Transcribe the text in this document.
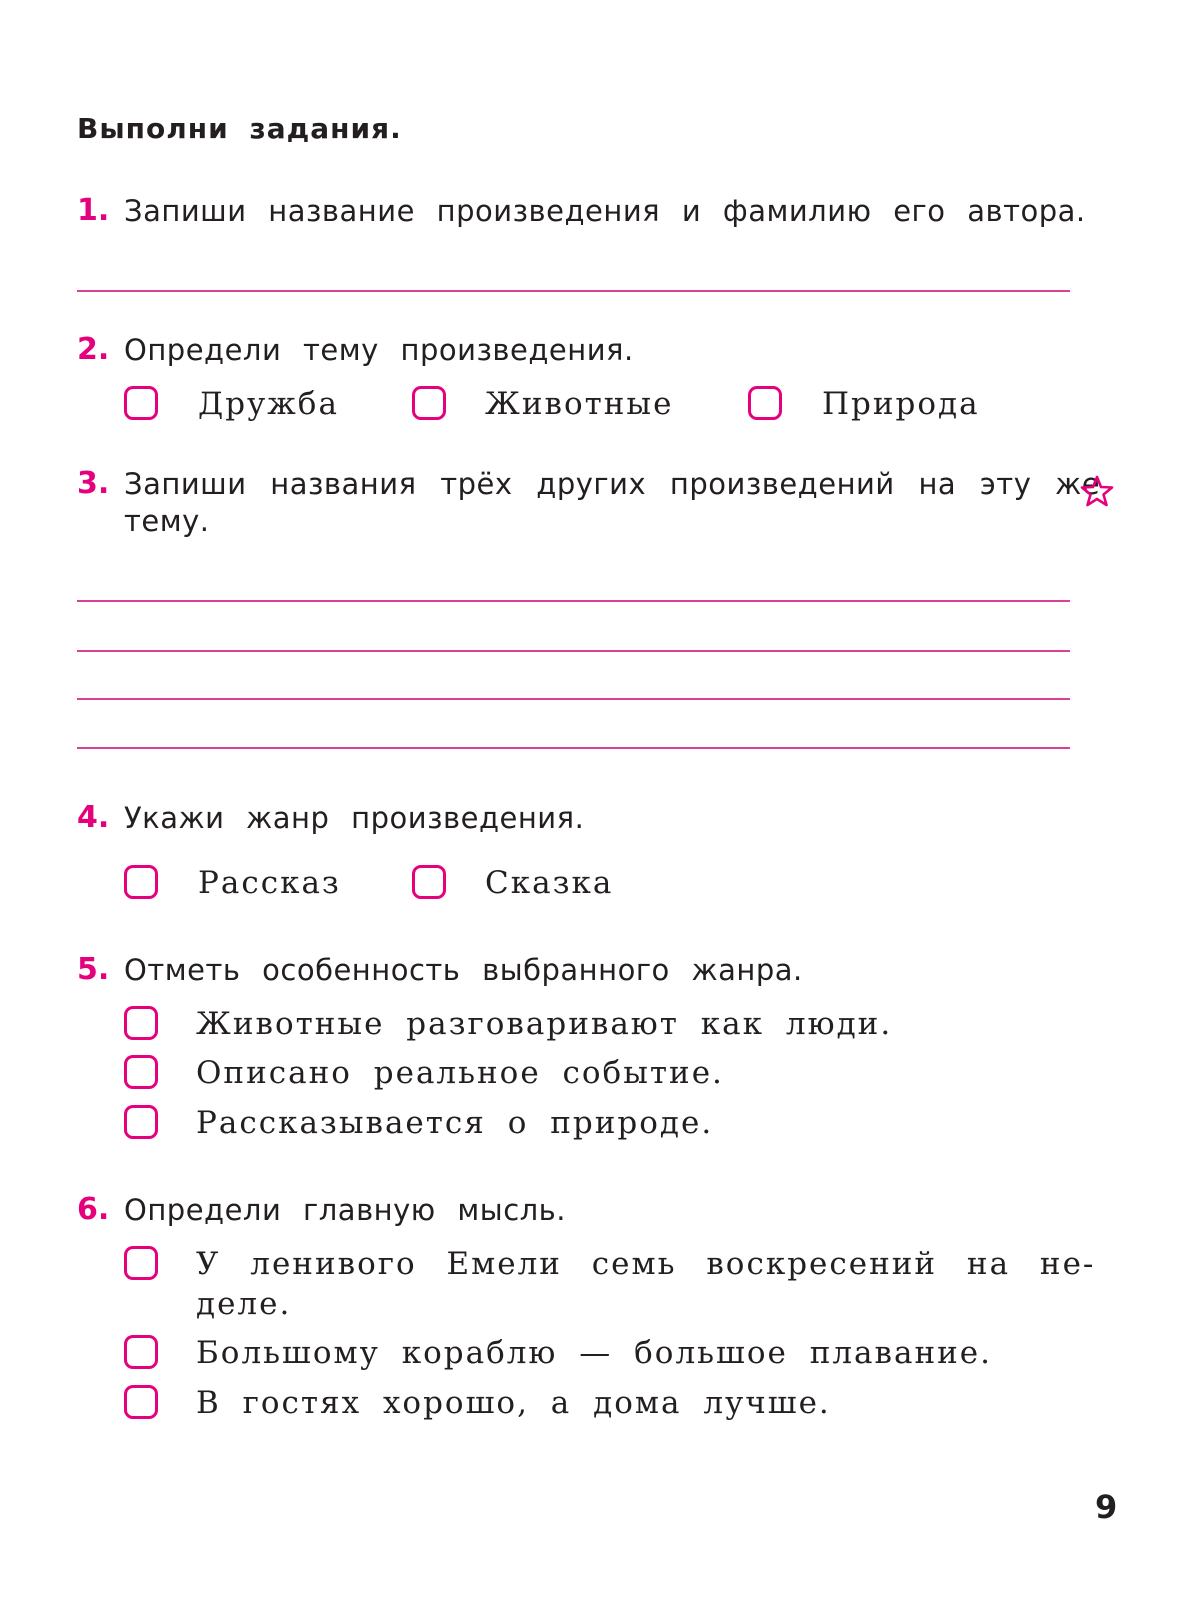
Выполни задания.
1. Запиши название произведения и фамилию его автора.
2. Определи тему произведения.
Дружба	Животные	Природа
3. Запиши названия трёх других произведений на эту же
тему.
4. Укажи жанр произведения.
Рассказ	Сказка
5. Отметь особенность выбранного жанра.
Животные разговаривают как люди.
Описано реальное событие.
Рассказывается о природе.
6. Определи главную мысль.
У ленивого Емели семь воскресений на не-
деле.
Большому кораблю — большое плавание.
В гостях хорошо, а дома лучше.
9
